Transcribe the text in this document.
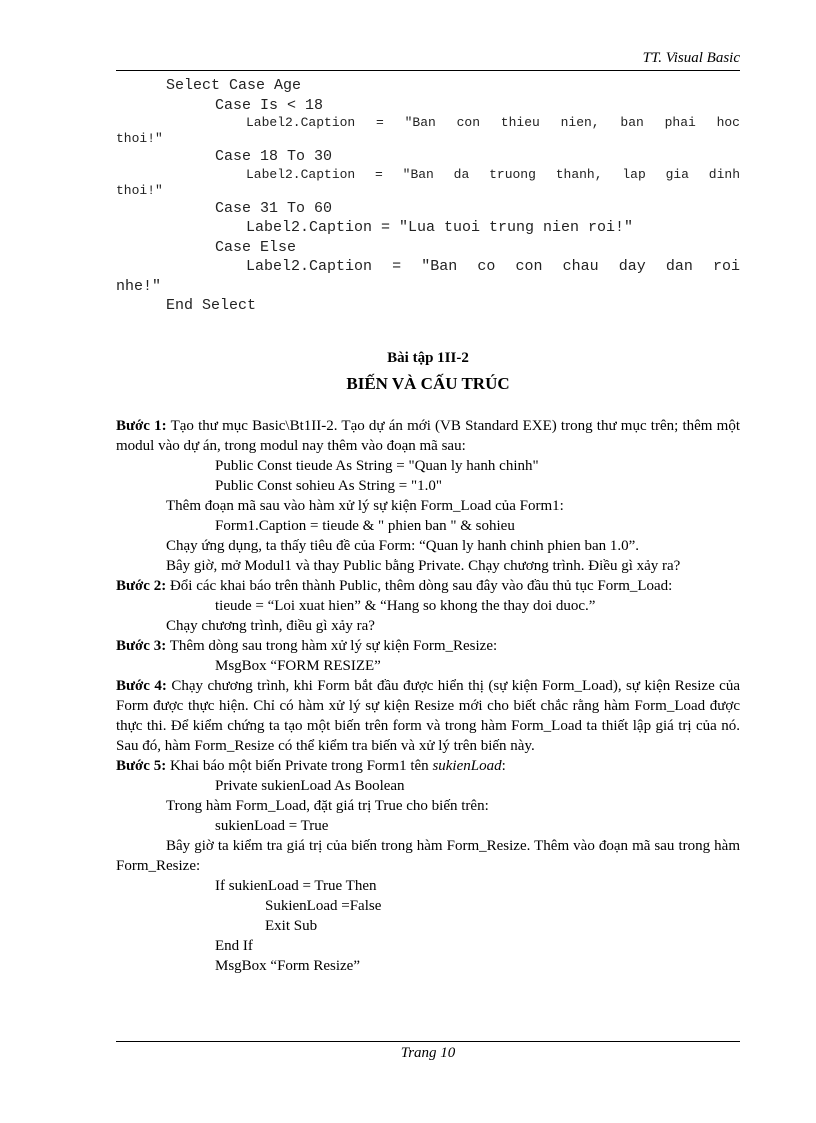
TT. Visual Basic
Select Case Age
Case Is < 18
Label2.Caption = "Ban con thieu nien, ban phai hoc
thoi!"
Case 18 To 30
Label2.Caption = "Ban da truong thanh, lap gia dinh
thoi!"
Case 31 To 60
Label2.Caption = "Lua tuoi trung nien roi!"
Case Else
Label2.Caption = "Ban co con chau day dan roi
nhe!"
End Select
Bài tập 1II-2
BIẾN VÀ CẤU TRÚC

Bước 1: Tạo thư mục Basic\Bt1II-2. Tạo dự án mới (VB Standard EXE) trong thư mục trên; thêm một modul vào dự án, trong modul nay thêm vào đoạn mã sau:

Public Const tieude As String = "Quan ly hanh chinh"

Public Const sohieu As String = "1.0"

Thêm đoạn mã sau vào hàm xử lý sự kiện Form_Load của Form1:

Form1.Caption = tieude & " phien ban " & sohieu

Chạy ứng dụng, ta thấy tiêu đề của Form: “Quan ly hanh chinh phien ban 1.0”.

Bây giờ, mở Modul1 và thay Public bằng Private. Chạy chương trình. Điều gì xảy ra?

Bước 2: Đổi các khai báo trên thành Public, thêm dòng sau đây vào đầu thủ tục Form_Load:

tieude = “Loi xuat hien” & “Hang so khong the thay doi duoc.”

Chạy chương trình, điều gì xảy ra?

Bước 3: Thêm dòng sau trong hàm xử lý sự kiện Form_Resize:

MsgBox “FORM RESIZE”

Bước 4: Chạy chương trình, khi Form bắt đầu được hiển thị (sự kiện Form_Load), sự kiện Resize của Form được thực hiện. Chỉ có hàm xử lý sự kiện Resize mới cho biết chắc rằng hàm Form_Load được thực thi. Để kiểm chứng ta tạo một biến trên form và trong hàm Form_Load ta thiết lập giá trị của nó. Sau đó, hàm Form_Resize có thể kiểm tra biến và xử lý trên biến này.

Bước 5: Khai báo một biến Private trong Form1 tên sukienLoad:

Private sukienLoad As Boolean

Trong hàm Form_Load, đặt giá trị True cho biến trên:

sukienLoad = True

Bây giờ ta kiểm tra giá trị của biến trong hàm Form_Resize. Thêm vào đoạn mã sau trong hàm Form_Resize:

If sukienLoad = True Then

SukienLoad =False

Exit Sub

End If

MsgBox “Form Resize”

Trang 10
